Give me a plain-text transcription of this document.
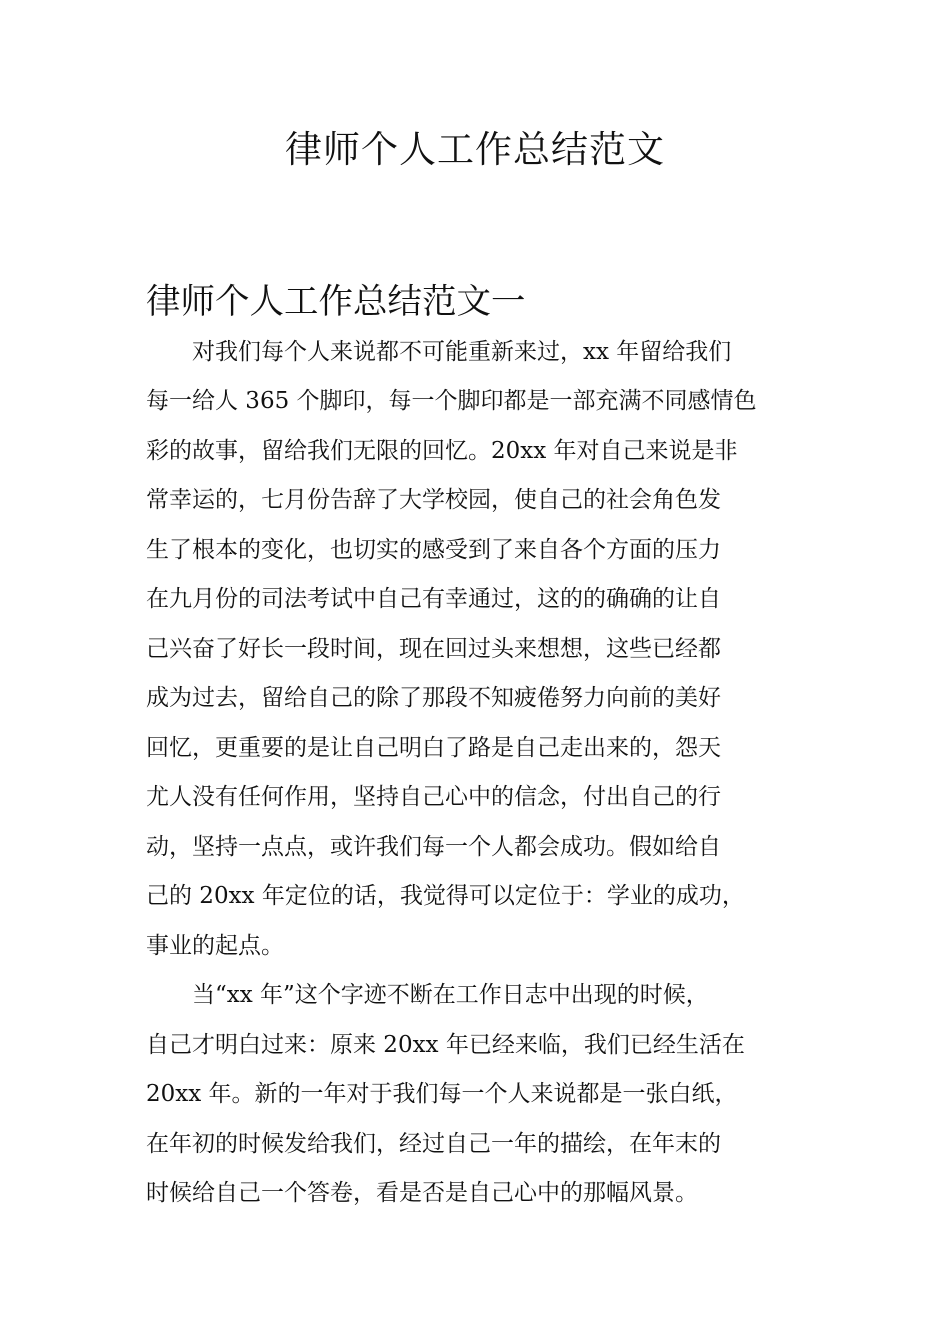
律师个人工作总结范文
律师个人工作总结范文一

对我们每个人来说都不可能重新来过，xx 年留给我们
每一给人 365 个脚印，每一个脚印都是一部充满不同感情色
彩的故事，留给我们无限的回忆。20xx 年对自己来说是非
常幸运的，七月份告辞了大学校园，使自己的社会角色发
生了根本的变化，也切实的感受到了来自各个方面的压力
在九月份的司法考试中自己有幸通过，这的的确确的让自
己兴奋了好长一段时间，现在回过头来想想，这些已经都
成为过去，留给自己的除了那段不知疲倦努力向前的美好
回忆，更重要的是让自己明白了路是自己走出来的，怨天
尤人没有任何作用，坚持自己心中的信念，付出自己的行
动，坚持一点点，或许我们每一个人都会成功。假如给自
己的 20xx 年定位的话，我觉得可以定位于：学业的成功，
事业的起点。

当“xx 年”这个字迹不断在工作日志中出现的时候，
自己才明白过来：原来 20xx 年已经来临，我们已经生活在
20xx 年。新的一年对于我们每一个人来说都是一张白纸，
在年初的时候发给我们，经过自己一年的描绘，在年末的
时候给自己一个答卷，看是否是自己心中的那幅风景。
